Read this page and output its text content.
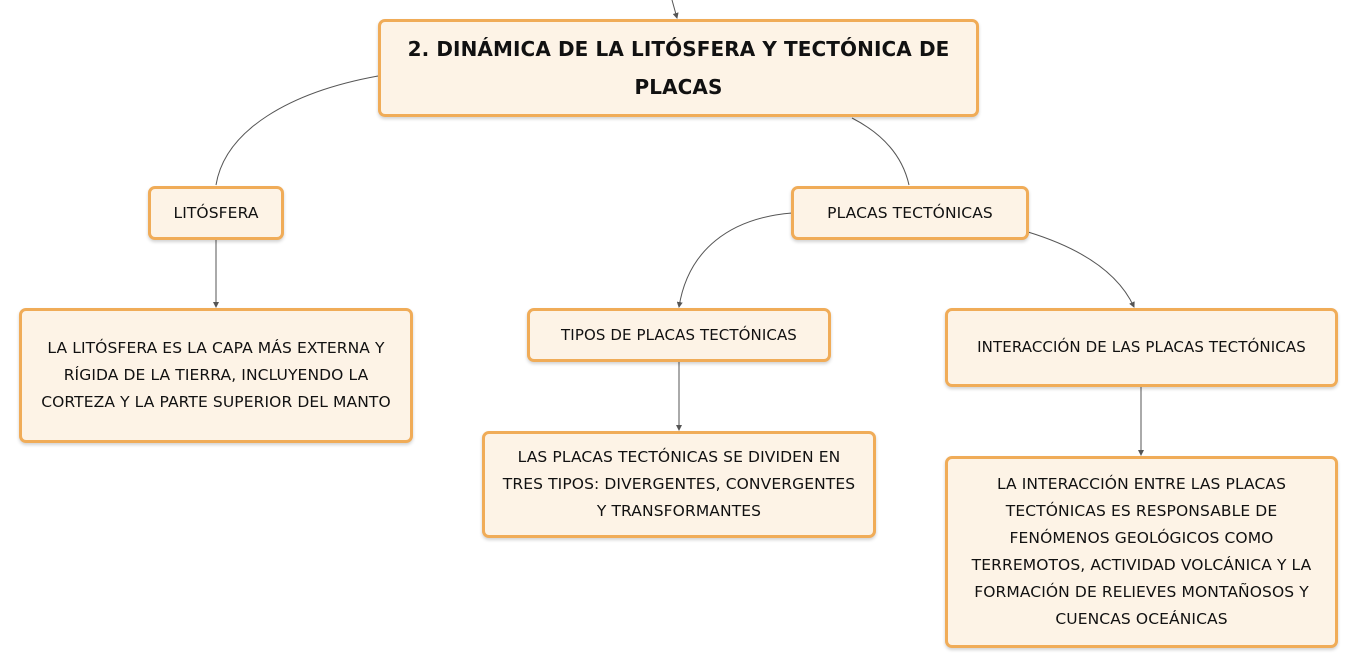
2. DINÁMICA DE LA LITÓSFERA Y TECTÓNICA DE PLACAS
LITÓSFERA
LA LITÓSFERA ES LA CAPA MÁS EXTERNA Y RÍGIDA DE LA TIERRA, INCLUYENDO LA CORTEZA Y LA PARTE SUPERIOR DEL MANTO
PLACAS TECTÓNICAS
TIPOS DE PLACAS TECTÓNICAS
LAS PLACAS TECTÓNICAS SE DIVIDEN EN TRES TIPOS: DIVERGENTES, CONVERGENTES Y TRANSFORMANTES
INTERACCIÓN DE LAS PLACAS TECTÓNICAS
LA INTERACCIÓN ENTRE LAS PLACAS TECTÓNICAS ES RESPONSABLE DE FENÓMENOS GEOLÓGICOS COMO TERREMOTOS, ACTIVIDAD VOLCÁNICA Y LA FORMACIÓN DE RELIEVES MONTAÑOSOS Y CUENCAS OCEÁNICAS
